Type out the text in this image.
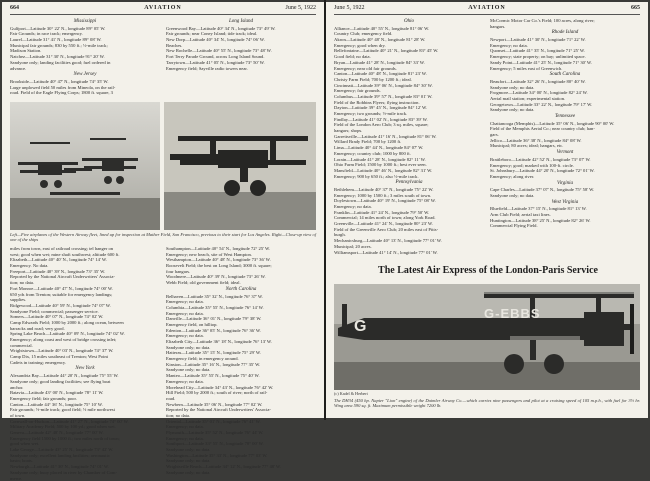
664	AVIATION	June 5, 1922
Mississippi
Gulfport—Latitude 30° 22' N., longitude 89° 05' W.
Fair Grounds; in race track; emergency.
Laurel—Latitude 31° 41' N., longitude 89° 08' W.
Municipal fair grounds; 830 by 550 ft.; ½-mile track;
Madison Station.
Natchez—Latitude 31° 30' N., longitude 91° 20' W.
Sandyone only; landing facilities good; fuel ordered in
advance.
New Jersey
Brookside—Latitude 40° 47' N., longitude 74° 35' W.
Large unplowed field 50 miles from Mineola, on the rail-
road. Field of the Eagle Flying Corps; 1800 ft. square, 3
Long Island
Greenwood Bay—Latitude 40° 34' N., longitude 73° 49' W.
Fair grounds; near Coney Island; tide track; ideal.
New Dorp—Latitude 40° 34' N., longitude 74° 06' W.
Beaches.
New Rochelle—Latitude 40° 55' N., longitude 73° 48' W.
Fort Terry Parade Ground, across Long Island Sound.
Tarrytown—Latitude 41° 05' N., longitude 73° 50' W.
Emergency field; Sayville radio towers near.
Left—Five airplanes of the Western Airway fleet, lined up for inspection at Mather Field, San Francisco, previous to their start for Los Angeles. Right—Close-up view of one of the ships
miles from town, east of railroad crossing; tel hanger on
west; good when wet; mine shaft southwest; altitude 600 ft.
Elizabeth—Latitude 40° 40' N., longitude 74° 14' W.
Emergency. No data.
Freeport—Latitude 40° 39' N., longitude 73° 35' W.
Reported by the National Aircraft Underwriters' Associa-
tion; no data.
Fort Monroe—Latitude 40° 47' N., longitude 74° 00' W.
650 yds from Trenton; suitable for emergency landings;
supplies.
Ridgewood—Latitude 40° 59' N., longitude 74° 07' W.
Sandyone Field; commercial; passenger service.
Somers—Latitude 40° 07' N., longitude 74° 02' W.
Camp Edwards Field; 1000 by 2000 ft.; along ocean, between
barracks and road; very good.
Spring Lake Beach—Latitude 40° 09' N., longitude 74° 02' W.
Emergency; along coast and west of bridge crossing inlet;
commercial.
Wrightstown—Latitude 40° 03' N., longitude 74° 37' W.
Camp Dix, 15 miles southeast of Trenton; West Point
Cadets in training; emergency.
New York
Alexandria Bay—Latitude 44° 20' N., longitude 75° 55' W.
Sandyone only; good landing facilities; see flying boat
anchor.
Batavia—Latitude 43° 00' N., longitude 78° 11' W.
Emergency field; fair grounds; poor.
Canton—Latitude 44° 36' N., longitude 75° 10' W.
Fair grounds; ½-mile track; good field; ½ mile northwest
of town.
Cornwall-on-Hudson—Latitude 41° 27' N., longitude 74° 00' W.
Military Academy Field; 500 by 100 yd.; good when wet.
Geneva—Latitude 42° 48' N., longitude 77° 00' W.
Emergency field 1500 by 1000 ft.; two miles north of town;
good when wet.
Lake George—Latitude 43° 25' N., longitude 73° 42' W.
Sandyone only; excellent landing facilities; aeronautic
basin; boats.
Newburgh—Latitude 41° 30' N., longitude 74° 01' W.
Sandyone only; buoy placed in river by Chamber of Com-
merce.
Southampton—Latitude 40° 54' N., longitude 72° 25' W.
Emergency; new beach, site of West Hampton.
Westhampton—Latitude 40° 48' N., longitude 73° 36' W.
Roosevelt Field; the best on Long Island; 3000 ft. square;
four hangars.
Woodmere—Latitude 40° 39' N., longitude 73° 26' W.
Webb Field; old government field; ideal.
North Carolina
Belhaven—Latitude 35° 32' N., longitude 76° 37' W.
Emergency; no data.
Columbia—Latitude 35° 55' N., longitude 76° 14' W.
Emergency; no data.
Danville—Latitude 36° 01' N., longitude 79° 38' W.
Emergency field, on hilltop.
Edenton—Latitude 36° 05' N., longitude 76° 36' W.
Emergency; no data.
Elizabeth City—Latitude 36° 18' N., longitude 76° 13' W.
Sandyone only; no data.
Hatteras—Latitude 35° 15' N., longitude 75° 29' W.
Emergency field; in emergency around.
Kinston—Latitude 35° 16' N., longitude 77° 35' W.
Sandyone only; no data.
Manteo—Latitude 35° 55' N., longitude 75° 40' W.
Emergency; no data.
Morehead City—Latitude 34° 43' N., longitude 76° 42' W.
Hill Field; 500 by 2000 ft.; south of river; north of rail-
road.
Newbern—Latitude 35° 06' N., longitude 77° 02' W.
Reported by the National Aircraft Underwriters' Associa-
tion; no data.
Oriental—Latitude 35° 01' N., longitude 76° 41' W.
Emergency; no data.
Plymouth—Latitude 35° 52' N., longitude 76° 44' W.
Emergency; no data.
Southport—Latitude 33° 55' N., longitude 78° 00' W.
Sandyone only; no data.
Washington—Latitude 35° 33' N., longitude 77° 03' W.
Sandyone only; no data.
Wrightsville Beach—Latitude 34° 12' N., longitude 77° 48' W.
Sandyone only; no data.
June 5, 1922	AVIATION	665
Ohio
Alliance—Latitude 40° 55' N., longitude 81° 06' W.
Country Club; emergency field.
Akron—Latitude 40° 48' N., longitude 81° 28' W.
Emergency; good when dry.
Bellefontaine—Latitude 40° 21' N., longitude 83° 45' W.
Good field; no data.
Bryan—Latitude 41° 28' N., longitude 84° 33' W.
Emergency; near old fair grounds.
Canton—Latitude 40° 48' N., longitude 81° 23' W.
Christy Farm Field; 700 by 1200 ft.; ideal.
Cincinnati—Latitude 39° 06' N., longitude 84° 30' W.
Emergency; fair grounds.
Columbus—Latitude 39° 57' N., longitude 83° 01' W.
Field of the Robbins Flyers; flying instruction.
Dayton—Latitude 39° 45' N., longitude 84° 12' W.
Emergency; two grounds; ½-mile track.
Findlay—Latitude 41° 02' N., longitude 83° 39' W.
Field of the London Aero Club; 3 sq. miles, square;
hangars; shops.
Garrettsville—Latitude 41° 16' N., longitude 81° 06' W.
Willard Brady Field; 700 by 1200 ft.
Lima—Latitude 40° 44' N., longitude 84° 07' W.
Emergency; country club; 1000 by 800 ft.
Lorain—Latitude 41° 28' N., longitude 82° 11' W.
Ohio Farm Field; 1500 by 1000 ft.; best ever seen.
Mansfield—Latitude 40° 46' N., longitude 82° 31' W.
Emergency; 900 by 650 ft.; also ½-mile track.
Pennsylvania
Bethlehem—Latitude 40° 37' N., longitude 75° 22' W.
Emergency; 1000 by 1500 ft.; 3 miles south of town.
Doylestown—Latitude 40° 19' N., longitude 75° 08' W.
Emergency; no data.
Franklin—Latitude 41° 24' N., longitude 79° 50' W.
Commercial; 14 miles north of town; along York Road.
Greenville—Latitude 41° 24' N., longitude 80° 23' W.
Field of the Greenville Aero Club; 20 miles east of Pitts-
burgh.
Mechanicsburg—Latitude 40° 13' N., longitude 77° 01' W.
Municipal; 20 acres.
Williamsport—Latitude 41° 14' N., longitude 77° 01' W.
McCormic Motor Car Co.'s Field; 100 acres, along river;
hangars.
Rhode Island
Newport—Latitude 41° 30' N., longitude 71° 22' W.
Emergency; no data.
Quonset—Latitude 41° 35' N., longitude 71° 25' W.
Emergency; state property; on bay; unlimited space.
Sandy Point—Latitude 41° 25' N., longitude 71° 30' W.
Emergency; 5 miles east of Greenwich.
South Carolina
Beaufort—Latitude 32° 26' N., longitude 80° 40' W.
Sandyone only; no data.
Frogmore—Latitude 34° 00' N., longitude 82° 24' W.
Aerial mail station; experimental station.
Georgetown—Latitude 33° 22' N., longitude 79° 17' W.
Sandyone only; no data.
Tennessee
Chattanooga (Memphis)—Latitude 35° 06' N., longitude 90° 00' W.
Field of the Memphis Aerial Co.; near country club; han-
gars.
Jellico—Latitude 36° 38' N., longitude 84° 08' W.
Municipal; 80 acres; ideal; hangars, etc.
Vermont
Brattleboro—Latitude 42° 52' N., longitude 73° 07' W.
Emergency; good; marked with 100-ft. circle.
St. Johnsbury—Latitude 44° 20' N., longitude 72° 01' W.
Emergency; along river.
Virginia
Cape Charles—Latitude 37° 07' N., longitude 75° 58' W.
Sandyone only; no data.
West Virginia
Bluefield—Latitude 37° 15' N., longitude 81° 13' W.
Arm Club Field; aerial taxi lines.
Huntington—Latitude 38° 25' N., longitude 82° 26' W.
Commercial Flying Field.
G-EBBS
G
(c) Kadel & Herbert
The DH34 (450 hp. Napier "Lion" engine) of the Daimler Airway Co.—which carries nine passengers and pilot at a cruising speed of 105 m.p.h., with fuel for 3½ hr. Wing area 590 sq. ft. Maximum permissible weight 7200 lb.
The Latest Air Express of the London-Paris Service
